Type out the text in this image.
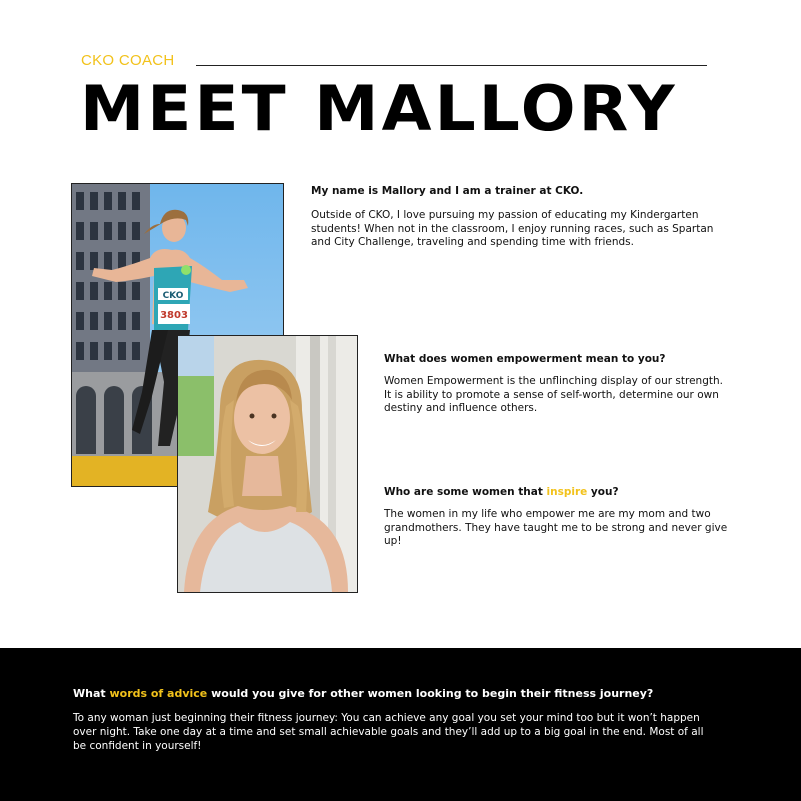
CKO COACH
MEET MALLORY
CKO
3803

My name is Mallory and I am a trainer at CKO.

Outside of CKO, I love pursuing my passion of educating my Kindergarten students! When not in the classroom, I enjoy running races, such as Spartan and City Challenge, traveling and spending time with friends.

What does women empowerment mean to you?

Women Empowerment is the unflinching display of our strength. It is ability to promote a sense of self-worth, determine our own destiny and influence others.

Who are some women that inspire you?

The women in my life who empower me are my mom and two grandmothers. They have taught me to be strong and never give up!

What words of advice would you give for other women looking to begin their fitness journey?

To any woman just beginning their fitness journey: You can achieve any goal you set your mind too but it won’t happen over night. Take one day at a time and set small achievable goals and they’ll add up to a big goal in the end. Most of all be confident in yourself!
